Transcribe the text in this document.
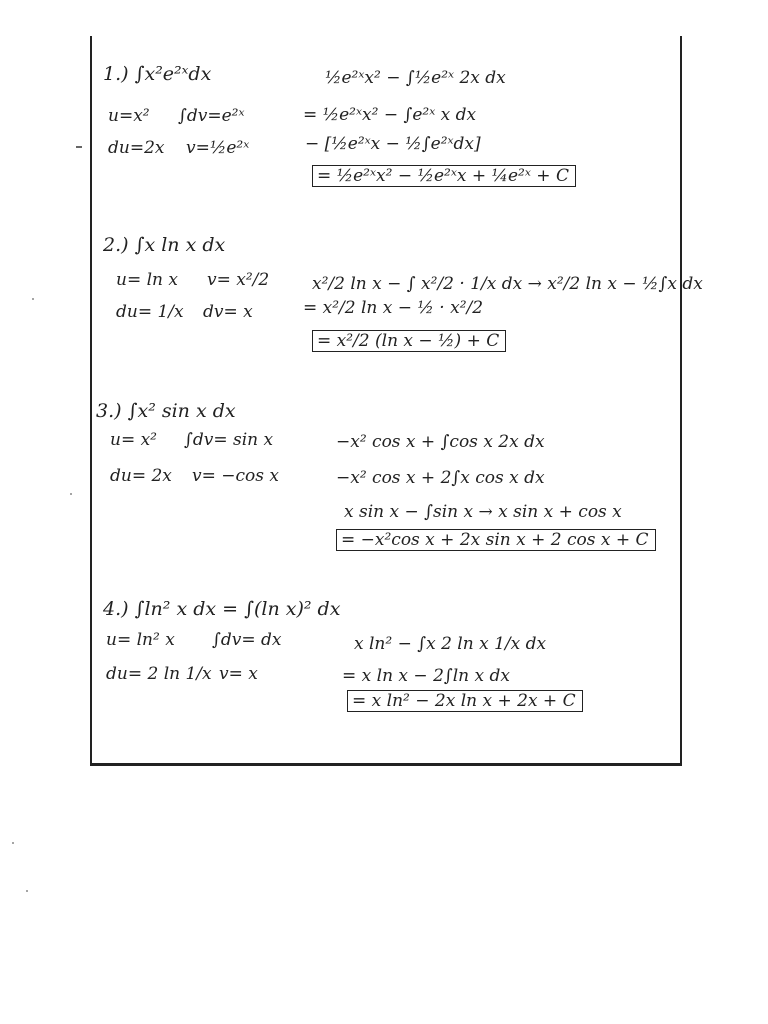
1.) ∫x²e²ˣdx
u=x² ∫dv=e²ˣ
du=2x v=½e²ˣ
½e²ˣx² − ∫½e²ˣ 2x dx
= ½e²ˣx² − ∫e²ˣ x dx
− [½e²ˣx − ½∫e²ˣdx]
= ½e²ˣx² − ½e²ˣx + ¼e²ˣ + C
2.) ∫x ln x dx
u= ln x v= x²/2
du= 1/x dv= x
x²/2 ln x − ∫ x²/2 · 1/x dx → x²/2 ln x − ½∫x dx
= x²/2 ln x − ½ · x²/2
= x²/2 (ln x − ½) + C
3.) ∫x² sin x dx
u= x² ∫dv= sin x
du= 2x v= −cos x
−x² cos x + ∫cos x 2x dx
−x² cos x + 2∫x cos x dx
x sin x − ∫sin x → x sin x + cos x
= −x²cos x + 2x sin x + 2 cos x + C
4.) ∫ln² x dx = ∫(ln x)² dx
u= ln² x ∫dv= dx
du= 2 ln 1/x v= x
x ln² − ∫x 2 ln x 1/x dx
= x ln x − 2∫ln x dx
= x ln² − 2x ln x + 2x + C
